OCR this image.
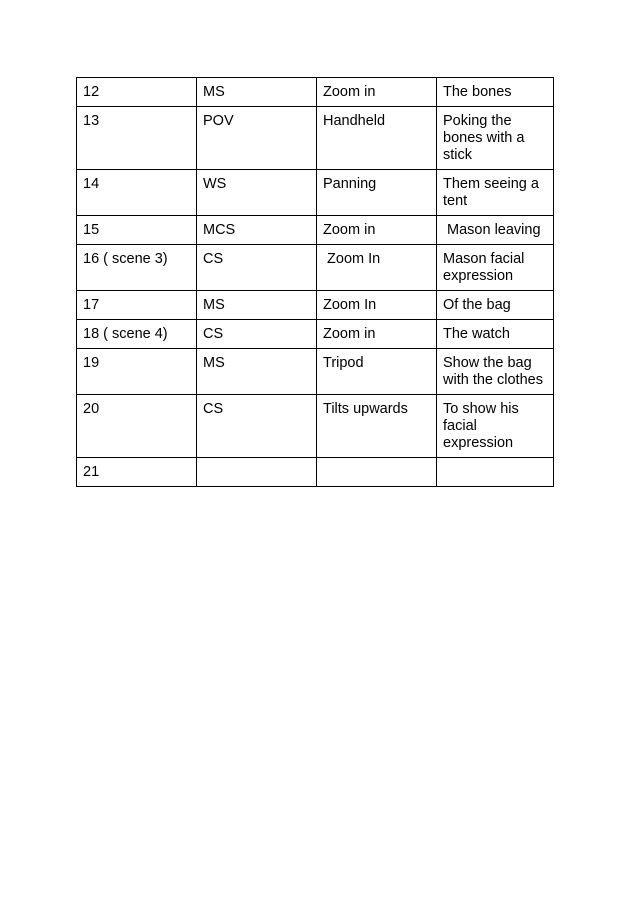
12	MS	Zoom in	The bones
13	POV	Handheld	Poking the bones with a stick
14	WS	Panning	Them seeing a tent
15	MCS	Zoom in	Mason leaving
16 ( scene 3)	CS	Zoom In	Mason facial expression
17	MS	Zoom In	Of the bag
18 ( scene 4)	CS	Zoom in	The watch
19	MS	Tripod	Show the bag with the clothes
20	CS	Tilts upwards	To show his facial expression
21			
